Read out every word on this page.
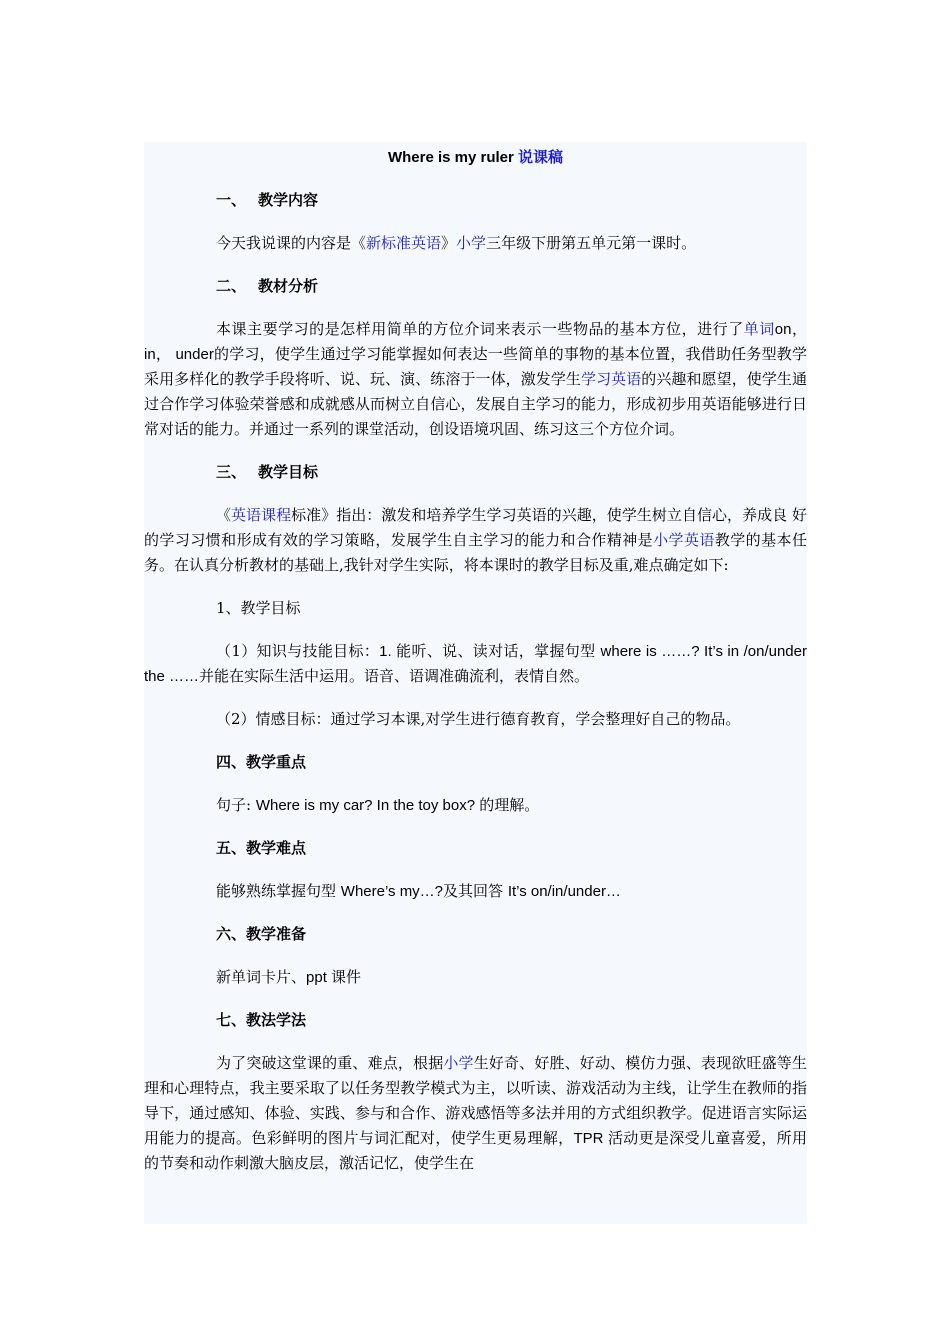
Where is my ruler 说课稿
一、 教学内容
今天我说课的内容是《新标准英语》小学三年级下册第五单元第一课时。
二、 教材分析
本课主要学习的是怎样用简单的方位介词来表示一些物品的基本方位，进行了单词on， in， under的学习，使学生通过学习能掌握如何表达一些简单的事物的基本位置，我借助任务型教学采用多样化的教学手段将听、说、玩、演、练溶于一体，激发学生学习英语的兴趣和愿望，使学生通过合作学习体验荣誉感和成就感从而树立自信心，发展自主学习的能力，形成初步用英语能够进行日常对话的能力。并通过一系列的课堂活动，创设语境巩固、练习这三个方位介词。
三、 教学目标
《英语课程标准》指出：激发和培养学生学习英语的兴趣，使学生树立自信心，养成良 好的学习习惯和形成有效的学习策略，发展学生自主学习的能力和合作精神是小学英语教学的基本任务。在认真分析教材的基础上,我针对学生实际，将本课时的教学目标及重,难点确定如下:
1、教学目标
（1）知识与技能目标：1. 能听、说、读对话，掌握句型 where is ……? It’s in /on/under the ……并能在实际生活中运用。语音、语调准确流利，表情自然。
（2）情感目标：通过学习本课,对学生进行德育教育，学会整理好自己的物品。
四、教学重点
句子: Where is my car? In the toy box? 的理解。
五、教学难点
能够熟练掌握句型 Where’s my…?及其回答 It’s on/in/under…
六、教学准备
新单词卡片、ppt 课件
七、教法学法
为了突破这堂课的重、难点，根据小学生好奇、好胜、好动、模仿力强、表现欲旺盛等生理和心理特点，我主要采取了以任务型教学模式为主，以听读、游戏活动为主线，让学生在教师的指导下，通过感知、体验、实践、参与和合作、游戏感悟等多法并用的方式组织教学。促进语言实际运用能力的提高。色彩鲜明的图片与词汇配对，使学生更易理解，TPR 活动更是深受儿童喜爱，所用的节奏和动作刺激大脑皮层，激活记忆，使学生在
